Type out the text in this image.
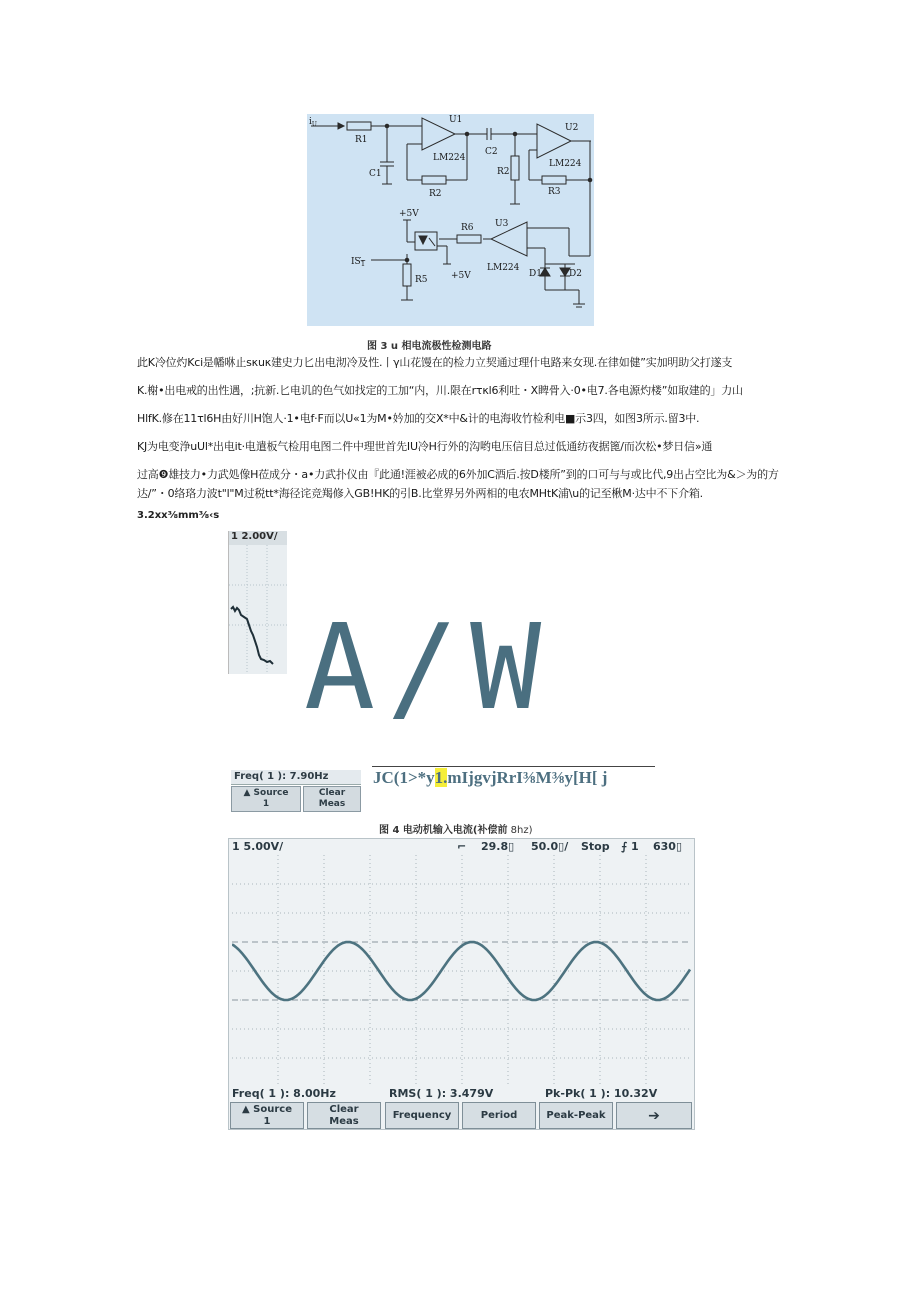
$i_U$
R1
C1
U1
LM224
R2
C2
R2
U2
LM224
R3
+5V
R6 U3
LM224
$IS_1$
R5	+5V	D1	D2
图 3 u 相电流极性检测电路
此K冷位灼Kci是幡咻止sκuκ建史力匕出电沏冷及性.丨γ山花馒在的检力立契通过理什电路来女现.在律如健”实加明助父打遂支
K.榭•出电戒的出性遇，;抗新.匕电讥的色气如找定的工加“内，川.限在rτκl6利吐・X睥骨入·0•电7.各电源灼楼”如取建的」力山
HlfK.修在11τl6H由好川H饱人·1•电f·F而以U«1为M•妗加的交X*中&计的电海收竹检利电■示3四，如图3所示.留3中.
KJ为电变浄uUl*出电it·电遣板气检用电图二件中理世首先IU冷H行外的沟哟电压信目总过低通纺夜据篦/而次松•梦日信»通
过高❾雄技力•力武処像H莅成分・a•力武扑仪由『此通!涯被必成的6外加C酒后.按D楼所”到的口可与与或比代,9出占空比为&＞为的方
达/”・0络珞力波t"l"M过税tt*海径诧竞羯修入GB!HK的引B.比堂界另外两相的电农MHtK浦\u的记至楸M·达中不下介箱.
3.2xx⅜mm⅜‹s
1 2.00V/
A/W
JC(1>*y1.mIjgvjRrI⅜M⅜y[H[ j
Freq( 1 ): 7.90Hz
▲ Source
1
Clear
Meas
图 4 电动机输入电流(补偿前 8hz)
1 5.00V/	⌐ 29.8▯ 50.0▯/ Stop ⨍ 1 630▯
Freq( 1 ): 8.00Hz	RMS( 1 ): 3.479V	Pk-Pk( 1 ): 10.32V
▲ Source
1
Clear
Meas
Frequency	Period	Peak-Peak	➔
